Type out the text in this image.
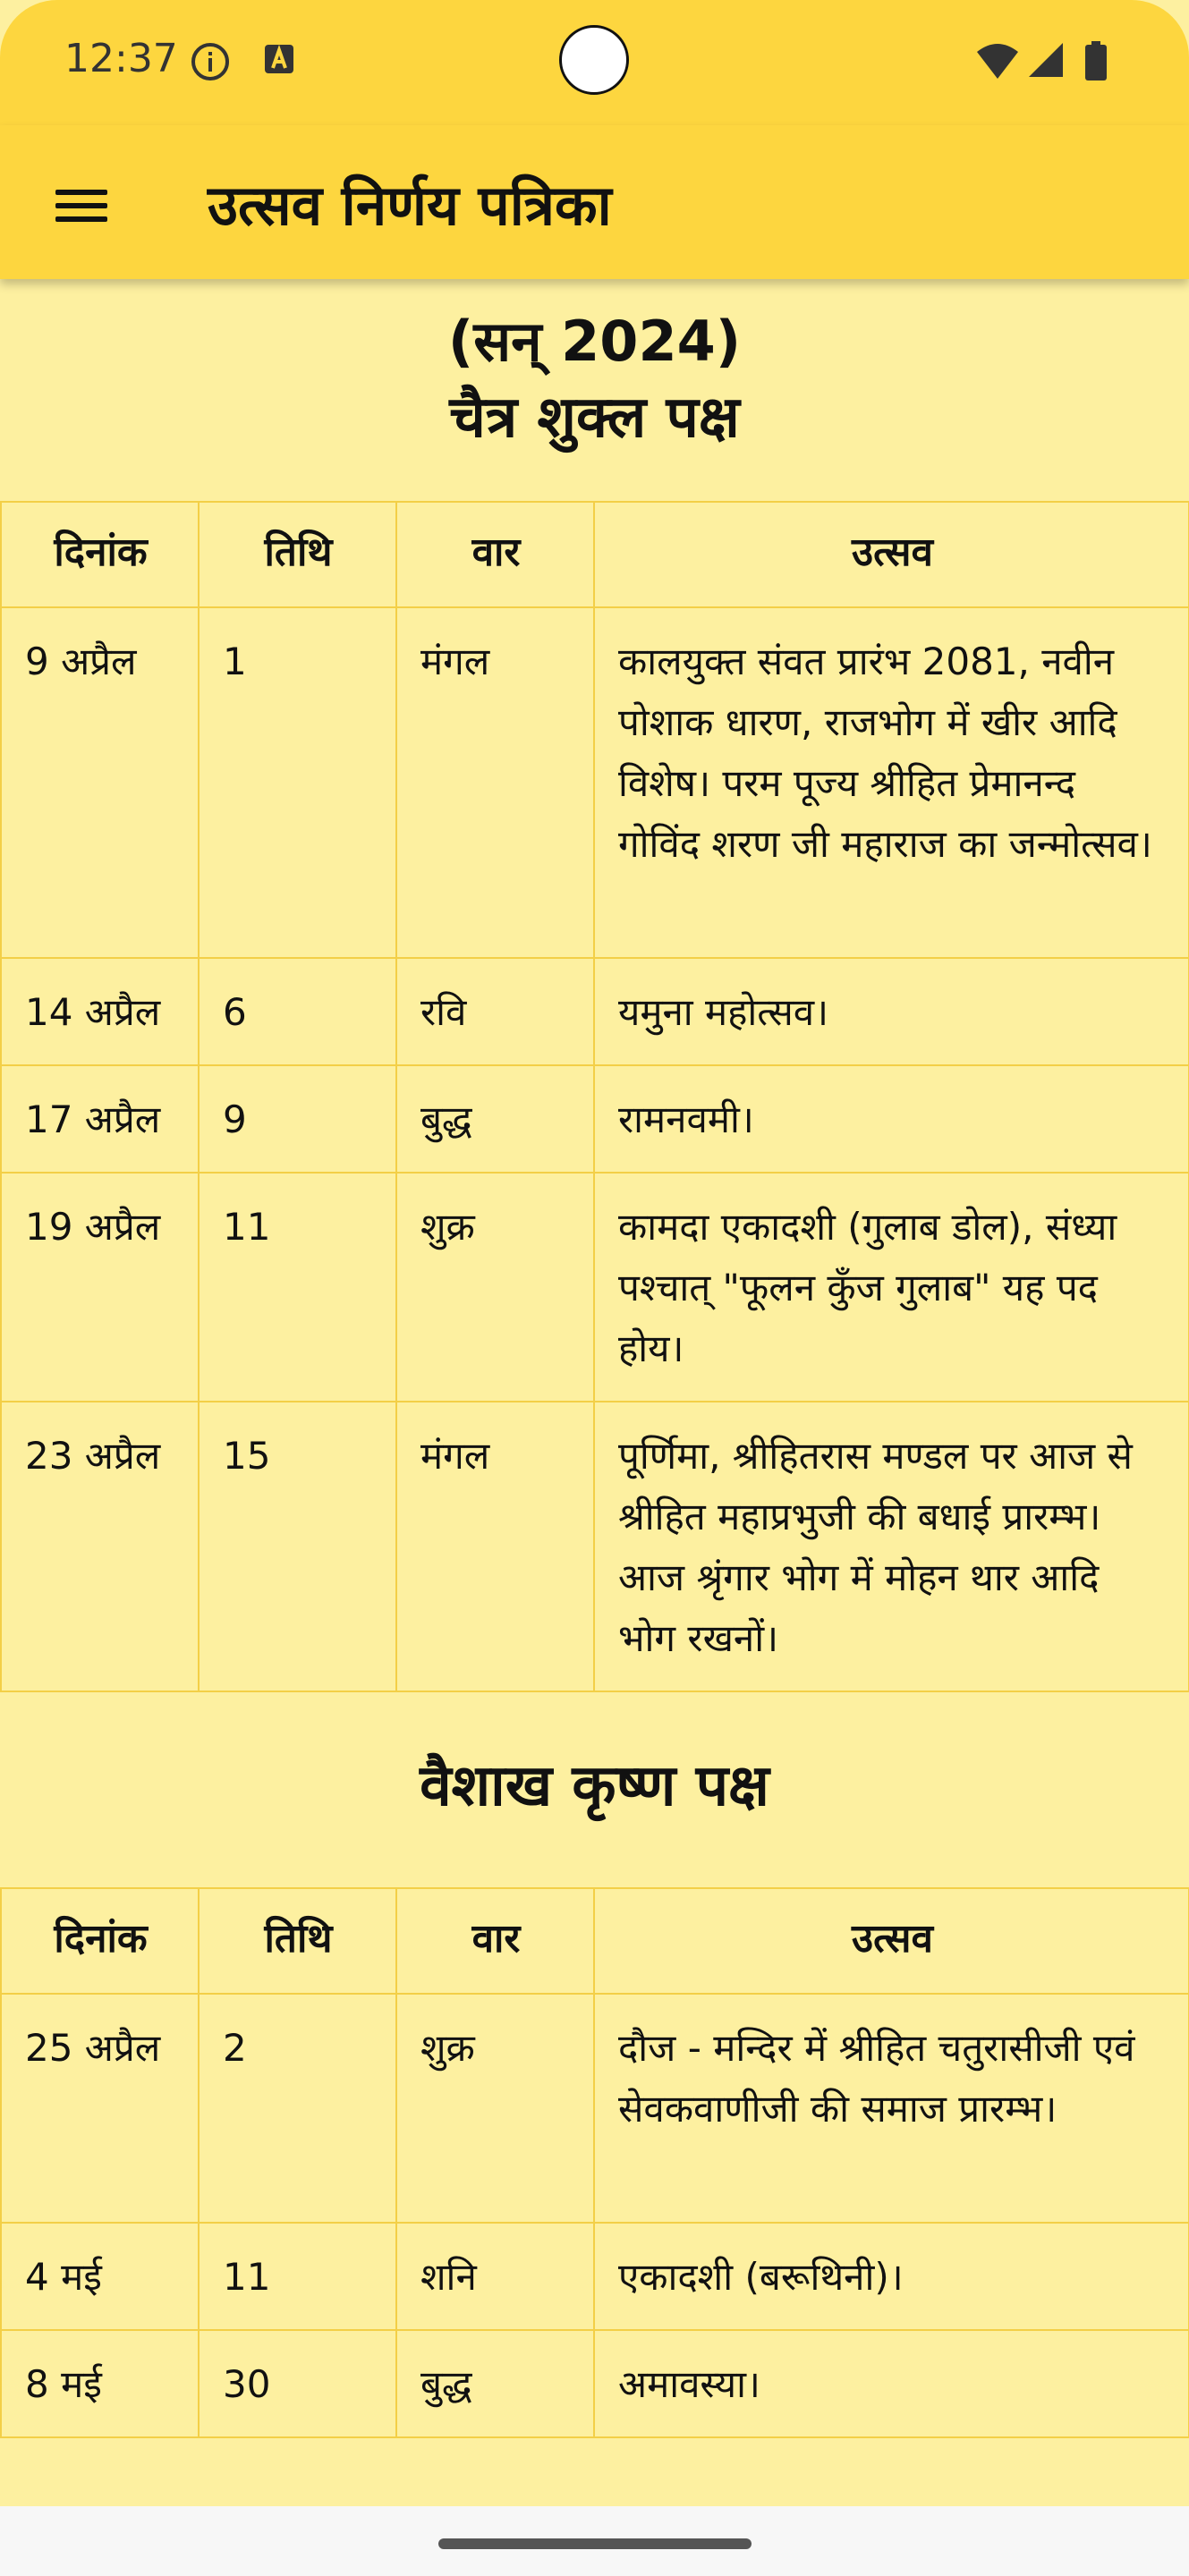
12:37
उत्सव निर्णय पत्रिका
(सन् 2024)
चैत्र शुक्ल पक्ष
दिनांक	तिथि	वार	उत्सव
9 अप्रैल	1	मंगल	कालयुक्त संवत प्रारंभ 2081, नवीन पोशाक धारण, राजभोग में खीर आदि विशेष। परम पूज्य श्रीहित प्रेमानन्द गोविंद शरण जी महाराज का जन्मोत्सव।
14 अप्रैल	6	रवि	यमुना महोत्सव।
17 अप्रैल	9	बुद्ध	रामनवमी।
19 अप्रैल	11	शुक्र	कामदा एकादशी (गुलाब डोल), संध्या पश्चात् "फूलन कुँज गुलाब" यह पद होय।
23 अप्रैल	15	मंगल	पूर्णिमा, श्रीहितरास मण्डल पर आज से श्रीहित महाप्रभुजी की बधाई प्रारम्भ। आज श्रृंगार भोग में मोहन थार आदि भोग रखनों।
वैशाख कृष्ण पक्ष
दिनांक	तिथि	वार	उत्सव
25 अप्रैल	2	शुक्र	दौज - मन्दिर में श्रीहित चतुरासीजी एवं सेवकवाणीजी की समाज प्रारम्भ।
4 मई	11	शनि	एकादशी (बरूथिनी)।
8 मई	30	बुद्ध	अमावस्या।
